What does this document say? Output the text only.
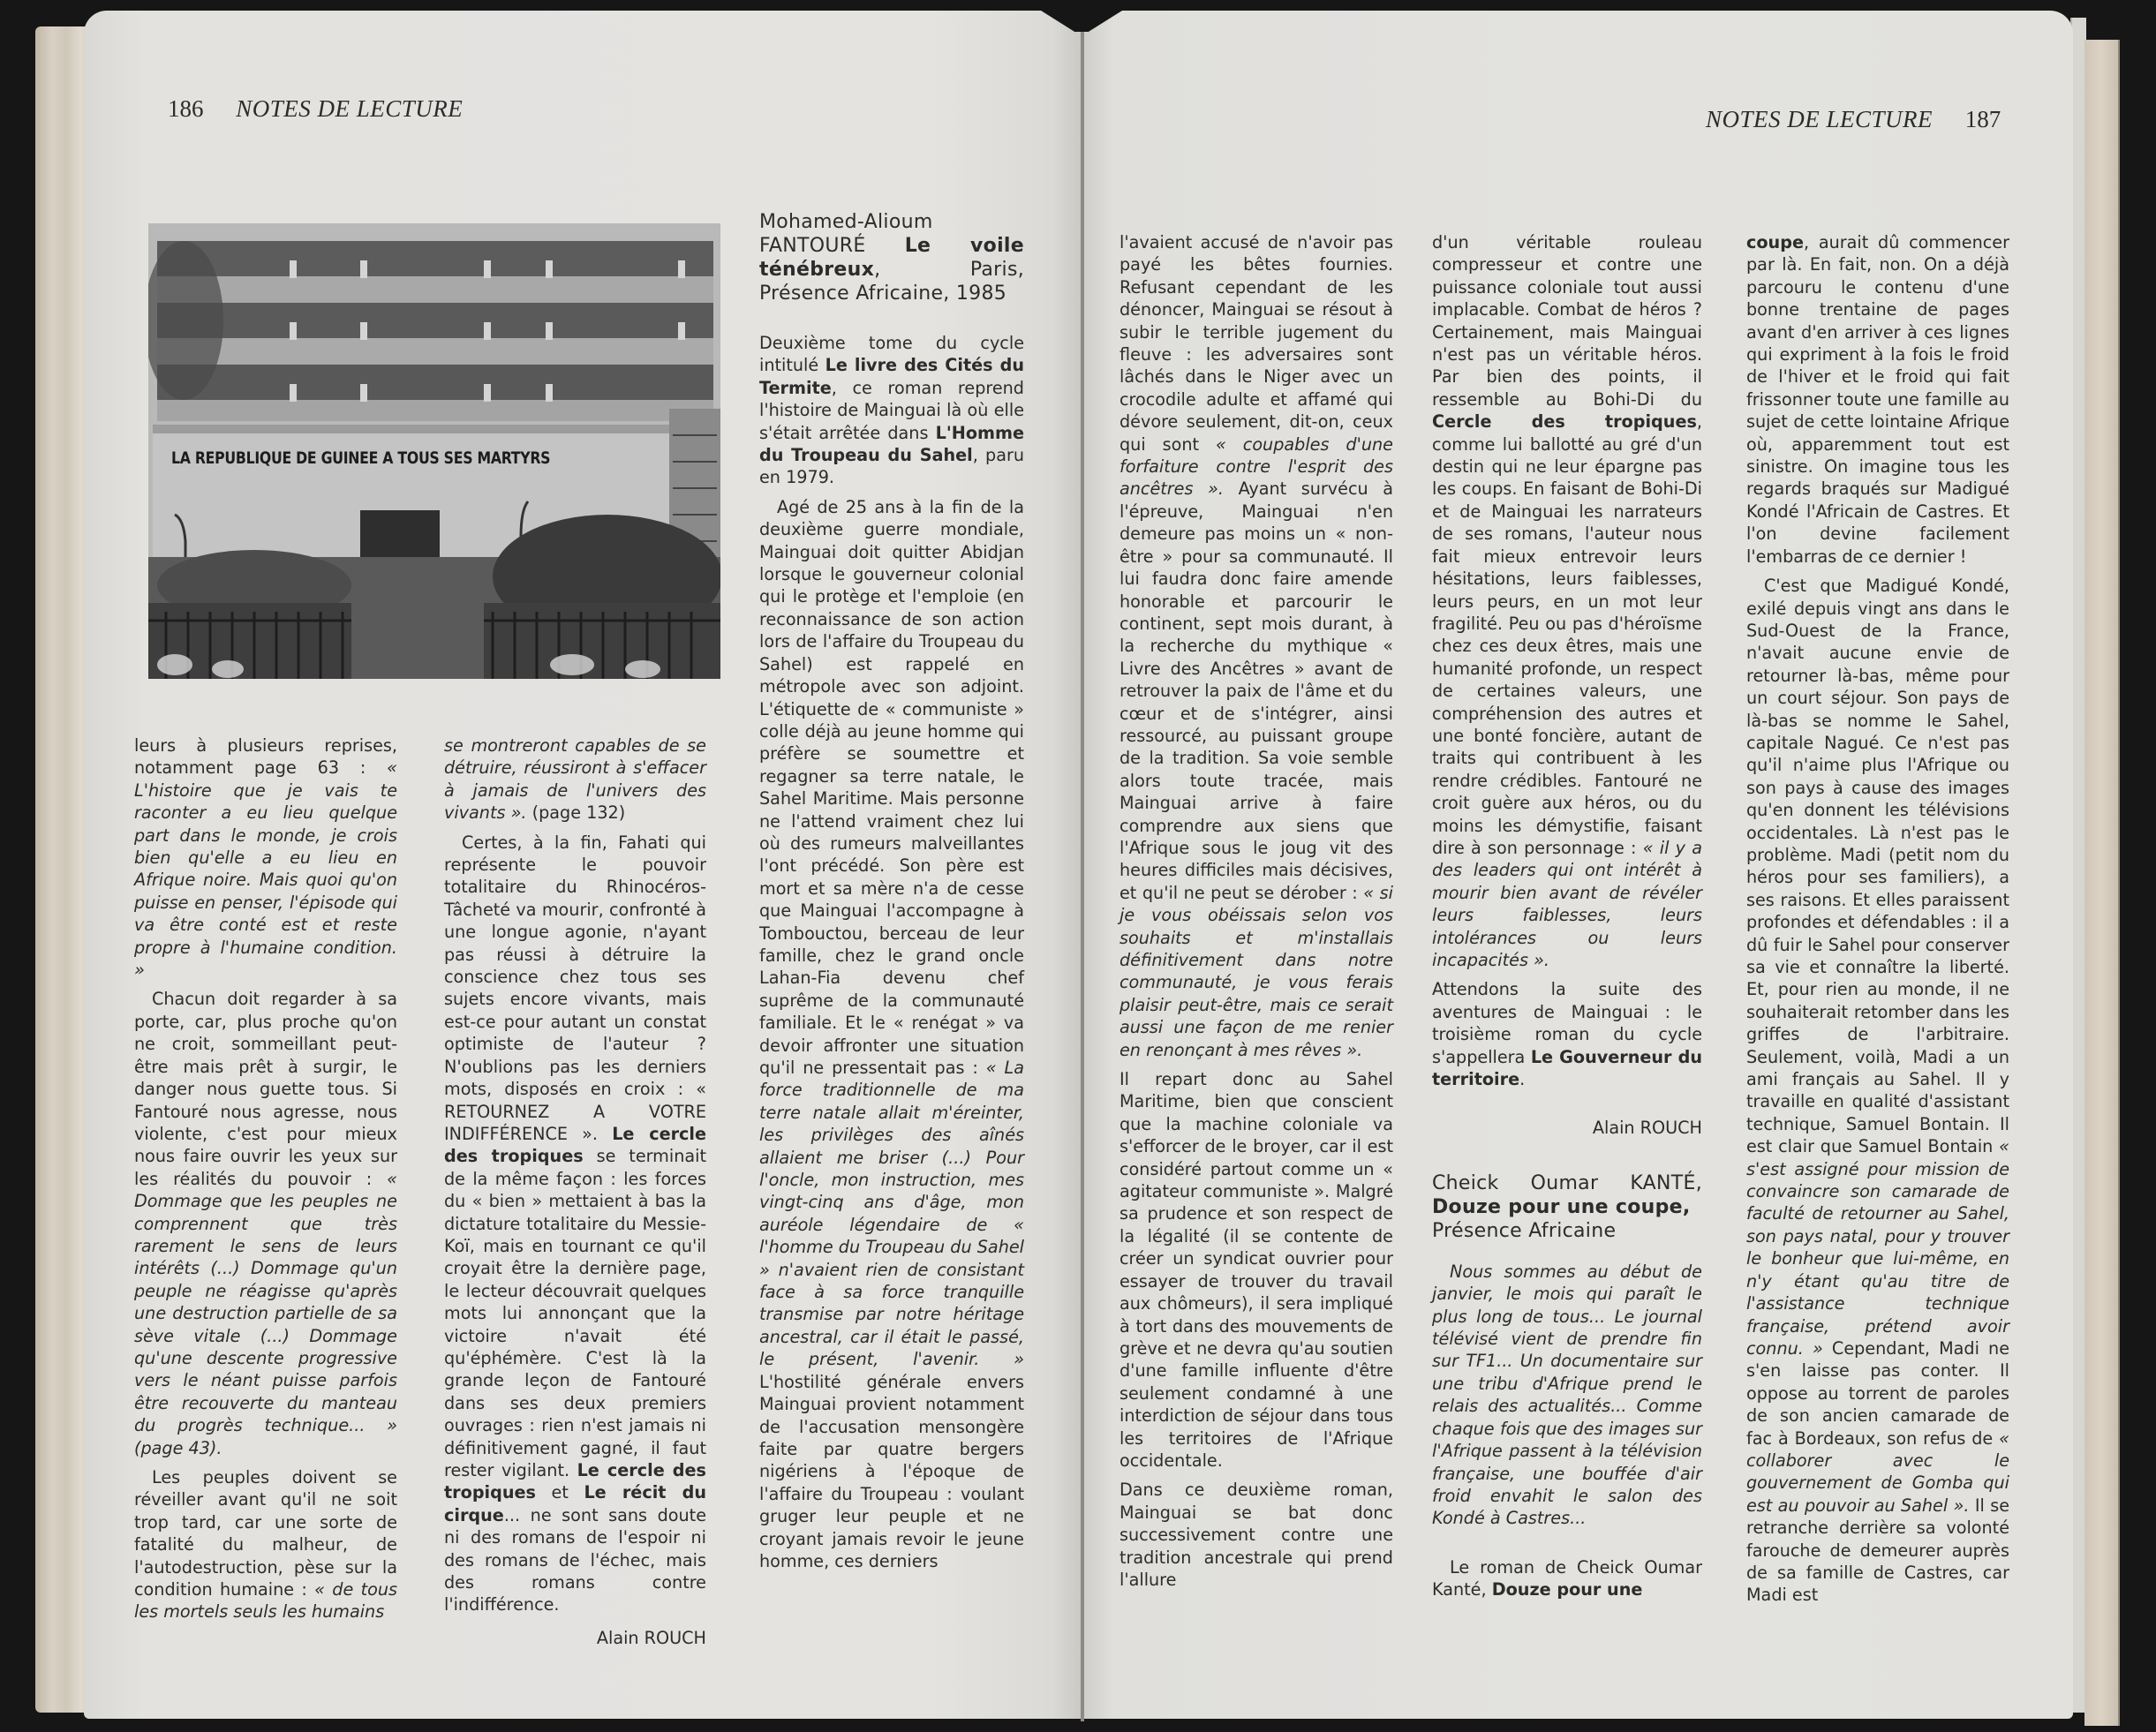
186 NOTES DE LECTURE
LA REPUBLIQUE DE GUINEE A TOUS SES MARTYRS

Mohamed-Alioum FANTOURÉ Le voile ténébreux, Paris, Présence Africaine, 1985

Deuxième tome du cycle intitulé Le livre des Cités du Termite, ce roman reprend l'histoire de Mainguai là où elle s'était arrêtée dans L'Homme du Troupeau du Sahel, paru en 1979.

Agé de 25 ans à la fin de la deuxième guerre mondiale, Mainguai doit quitter Abidjan lorsque le gouverneur colonial qui le protège et l'emploie (en reconnaissance de son action lors de l'affaire du Troupeau du Sahel) est rappelé en métropole avec son adjoint. L'étiquette de « communiste » colle déjà au jeune homme qui préfère se soumettre et regagner sa terre natale, le Sahel Maritime. Mais personne ne l'attend vraiment chez lui où des rumeurs malveillantes l'ont précédé. Son père est mort et sa mère n'a de cesse que Mainguai l'accompagne à Tombouctou, berceau de leur famille, chez le grand oncle Lahan-Fia devenu chef suprême de la communauté familiale. Et le « renégat » va devoir affronter une situation qu'il ne pressentait pas : « La force traditionnelle de ma terre natale allait m'éreinter, les privilèges des aînés allaient me briser (...) Pour l'oncle, mon instruction, mes vingt-cinq ans d'âge, mon auréole légendaire de « l'homme du Troupeau du Sahel » n'avaient rien de consistant face à sa force tranquille transmise par notre héritage ancestral, car il était le passé, le présent, l'avenir. » L'hostilité générale envers Mainguai provient notamment de l'accusation mensongère faite par quatre bergers nigériens à l'époque de l'affaire du Troupeau : voulant gruger leur peuple et ne croyant jamais revoir le jeune homme, ces derniers

leurs à plusieurs reprises, notamment page 63 : « L'histoire que je vais te raconter a eu lieu quelque part dans le monde, je crois bien qu'elle a eu lieu en Afrique noire. Mais quoi qu'on puisse en penser, l'épisode qui va être conté est et reste propre à l'humaine condition. »

Chacun doit regarder à sa porte, car, plus proche qu'on ne croit, sommeillant peut-être mais prêt à surgir, le danger nous guette tous. Si Fantouré nous agresse, nous violente, c'est pour mieux nous faire ouvrir les yeux sur les réalités du pouvoir : « Dommage que les peuples ne comprennent que très rarement le sens de leurs intérêts (...) Dommage qu'un peuple ne réagisse qu'après une destruction partielle de sa sève vitale (...) Dommage qu'une descente progressive vers le néant puisse parfois être recouverte du manteau du progrès technique... » (page 43).

Les peuples doivent se réveiller avant qu'il ne soit trop tard, car une sorte de fatalité du malheur, de l'autodestruction, pèse sur la condition humaine : « de tous les mortels seuls les humains

se montreront capables de se détruire, réussiront à s'effacer à jamais de l'univers des vivants ». (page 132)

Certes, à la fin, Fahati qui représente le pouvoir totalitaire du Rhinocéros-Tâcheté va mourir, confronté à une longue agonie, n'ayant pas réussi à détruire la conscience chez tous ses sujets encore vivants, mais est-ce pour autant un constat optimiste de l'auteur ? N'oublions pas les derniers mots, disposés en croix : « RETOURNEZ A VOTRE INDIFFÉRENCE ». Le cercle des tropiques se terminait de la même façon : les forces du « bien » mettaient à bas la dictature totalitaire du Messie-Koï, mais en tournant ce qu'il croyait être la dernière page, le lecteur découvrait quelques mots lui annonçant que la victoire n'avait été qu'éphémère. C'est là la grande leçon de Fantouré dans ses deux premiers ouvrages : rien n'est jamais ni définitivement gagné, il faut rester vigilant. Le cercle des tropiques et Le récit du cirque... ne sont sans doute ni des romans de l'espoir ni des romans de l'échec, mais des romans contre l'indifférence.

Alain ROUCH

NOTES DE LECTURE 187

l'avaient accusé de n'avoir pas payé les bêtes fournies. Refusant cependant de les dénoncer, Mainguai se résout à subir le terrible jugement du fleuve : les adversaires sont lâchés dans le Niger avec un crocodile adulte et affamé qui dévore seulement, dit-on, ceux qui sont « coupables d'une forfaiture contre l'esprit des ancêtres ». Ayant survécu à l'épreuve, Mainguai n'en demeure pas moins un « non-être » pour sa communauté. Il lui faudra donc faire amende honorable et parcourir le continent, sept mois durant, à la recherche du mythique « Livre des Ancêtres » avant de retrouver la paix de l'âme et du cœur et de s'intégrer, ainsi ressourcé, au puissant groupe de la tradition. Sa voie semble alors toute tracée, mais Mainguai arrive à faire comprendre aux siens que l'Afrique sous le joug vit des heures difficiles mais décisives, et qu'il ne peut se dérober : « si je vous obéissais selon vos souhaits et m'installais définitivement dans notre communauté, je vous ferais plaisir peut-être, mais ce serait aussi une façon de me renier en renonçant à mes rêves ».

Il repart donc au Sahel Maritime, bien que conscient que la machine coloniale va s'efforcer de le broyer, car il est considéré partout comme un « agitateur communiste ». Malgré sa prudence et son respect de la légalité (il se contente de créer un syndicat ouvrier pour essayer de trouver du travail aux chômeurs), il sera impliqué à tort dans des mouvements de grève et ne devra qu'au soutien d'une famille influente d'être seulement condamné à une interdiction de séjour dans tous les territoires de l'Afrique occidentale.

Dans ce deuxième roman, Mainguai se bat donc successivement contre une tradition ancestrale qui prend l'allure

d'un véritable rouleau compresseur et contre une puissance coloniale tout aussi implacable. Combat de héros ? Certainement, mais Mainguai n'est pas un véritable héros. Par bien des points, il ressemble au Bohi-Di du Cercle des tropiques, comme lui ballotté au gré d'un destin qui ne leur épargne pas les coups. En faisant de Bohi-Di et de Mainguai les narrateurs de ses romans, l'auteur nous fait mieux entrevoir leurs hésitations, leurs faiblesses, leurs peurs, en un mot leur fragilité. Peu ou pas d'héroïsme chez ces deux êtres, mais une humanité profonde, un respect de certaines valeurs, une compréhension des autres et une bonté foncière, autant de traits qui contribuent à les rendre crédibles. Fantouré ne croit guère aux héros, ou du moins les démystifie, faisant dire à son personnage : « il y a des leaders qui ont intérêt à mourir bien avant de révéler leurs faiblesses, leurs intolérances ou leurs incapacités ».

Attendons la suite des aventures de Mainguai : le troisième roman du cycle s'appellera Le Gouverneur du territoire.

Alain ROUCH

Cheick Oumar KANTÉ, Douze pour une coupe,
Présence Africaine

Nous sommes au début de janvier, le mois qui paraît le plus long de tous... Le journal télévisé vient de prendre fin sur TF1... Un documentaire sur une tribu d'Afrique prend le relais des actualités... Comme chaque fois que des images sur l'Afrique passent à la télévision française, une bouffée d'air froid envahit le salon des Kondé à Castres...

Le roman de Cheick Oumar Kanté, Douze pour une

coupe, aurait dû commencer par là. En fait, non. On a déjà parcouru le contenu d'une bonne trentaine de pages avant d'en arriver à ces lignes qui expriment à la fois le froid de l'hiver et le froid qui fait frissonner toute une famille au sujet de cette lointaine Afrique où, apparemment tout est sinistre. On imagine tous les regards braqués sur Madigué Kondé l'Africain de Castres. Et l'on devine facilement l'embarras de ce dernier !

C'est que Madigué Kondé, exilé depuis vingt ans dans le Sud-Ouest de la France, n'avait aucune envie de retourner là-bas, même pour un court séjour. Son pays de là-bas se nomme le Sahel, capitale Nagué. Ce n'est pas qu'il n'aime plus l'Afrique ou son pays à cause des images qu'en donnent les télévisions occidentales. Là n'est pas le problème. Madi (petit nom du héros pour ses familiers), a ses raisons. Et elles paraissent profondes et défendables : il a dû fuir le Sahel pour conserver sa vie et connaître la liberté. Et, pour rien au monde, il ne souhaiterait retomber dans les griffes de l'arbitraire. Seulement, voilà, Madi a un ami français au Sahel. Il y travaille en qualité d'assistant technique, Samuel Bontain. Il est clair que Samuel Bontain « s'est assigné pour mission de convaincre son camarade de faculté de retourner au Sahel, son pays natal, pour y trouver le bonheur que lui-même, en n'y étant qu'au titre de l'assistance technique française, prétend avoir connu. » Cependant, Madi ne s'en laisse pas conter. Il oppose au torrent de paroles de son ancien camarade de fac à Bordeaux, son refus de « collaborer avec le gouvernement de Gomba qui est au pouvoir au Sahel ». Il se retranche derrière sa volonté farouche de demeurer auprès de sa famille de Castres, car Madi est
